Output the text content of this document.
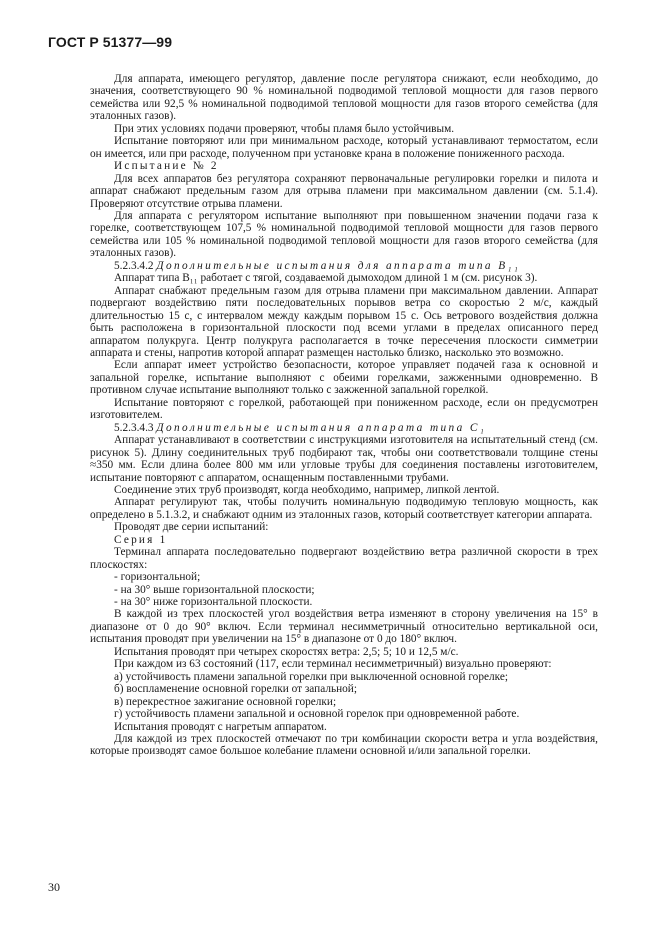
ГОСТ Р 51377—99

Для аппарата, имеющего регулятор, давление после регулятора снижают, если необходимо, до значения, соответствующего 90 % номинальной подводимой тепловой мощности для газов первого семейства или 92,5 % номинальной подводимой тепловой мощности для газов второго семейства (для эталонных газов).

При этих условиях подачи проверяют, чтобы пламя было устойчивым.

Испытание повторяют или при минимальном расходе, который устанавливают термостатом, если он имеется, или при расходе, полученном при установке крана в положение пониженного расхода.

Испытание № 2

Для всех аппаратов без регулятора сохраняют первоначальные регулировки горелки и пилота и аппарат снабжают предельным газом для отрыва пламени при максимальном давлении (см. 5.1.4). Проверяют отсутствие отрыва пламени.

Для аппарата с регулятором испытание выполняют при повышенном значении подачи газа к горелке, соответствующем 107,5 % номинальной подводимой тепловой мощности для газов первого семейства или 105 % номинальной подводимой тепловой мощности для газов второго семейства (для эталонных газов).

5.2.3.4.2 Дополнительные испытания для аппарата типа B₁₁

Аппарат типа B₁₁ работает с тягой, создаваемой дымоходом длиной 1 м (см. рисунок 3).

Аппарат снабжают предельным газом для отрыва пламени при максимальном давлении. Аппарат подвергают воздействию пяти последовательных порывов ветра со скоростью 2 м/с, каждый длительностью 15 с, с интервалом между каждым порывом 15 с. Ось ветрового воздействия должна быть расположена в горизонтальной плоскости под всеми углами в пределах описанного перед аппаратом полукруга. Центр полукруга располагается в точке пересечения плоскости симметрии аппарата и стены, напротив которой аппарат размещен настолько близко, насколько это возможно.

Если аппарат имеет устройство безопасности, которое управляет подачей газа к основной и запальной горелке, испытание выполняют с обеими горелками, зажженными одновременно. В противном случае испытание выполняют только с зажженной запальной горелкой.

Испытание повторяют с горелкой, работающей при пониженном расходе, если он предусмотрен изготовителем.

5.2.3.4.3 Дополнительные испытания аппарата типа C₁

Аппарат устанавливают в соответствии с инструкциями изготовителя на испытательный стенд (см. рисунок 5). Длину соединительных труб подбирают так, чтобы они соответствовали толщине стены ≈350 мм. Если длина более 800 мм или угловые трубы для соединения поставлены изготовителем, испытание повторяют с аппаратом, оснащенным поставленными трубами.

Соединение этих труб производят, когда необходимо, например, липкой лентой.

Аппарат регулируют так, чтобы получить номинальную подводимую тепловую мощность, как определено в 5.1.3.2, и снабжают одним из эталонных газов, который соответствует категории аппарата.

Проводят две серии испытаний:

Серия 1

Терминал аппарата последовательно подвергают воздействию ветра различной скорости в трех плоскостях:

- горизонтальной;

- на 30° выше горизонтальной плоскости;

- на 30° ниже горизонтальной плоскости.

В каждой из трех плоскостей угол воздействия ветра изменяют в сторону увеличения на 15° в диапазоне от 0 до 90° включ. Если терминал несимметричный относительно вертикальной оси, испытания проводят при увеличении на 15° в диапазоне от 0 до 180° включ.

Испытания проводят при четырех скоростях ветра: 2,5; 5; 10 и 12,5 м/с.

При каждом из 63 состояний (117, если терминал несимметричный) визуально проверяют:

а) устойчивость пламени запальной горелки при выключенной основной горелке;

б) воспламенение основной горелки от запальной;

в) перекрестное зажигание основной горелки;

г) устойчивость пламени запальной и основной горелок при одновременной работе.

Испытания проводят с нагретым аппаратом.

Для каждой из трех плоскостей отмечают по три комбинации скорости ветра и угла воздействия, которые производят самое большое колебание пламени основной и/или запальной горелки.

30
